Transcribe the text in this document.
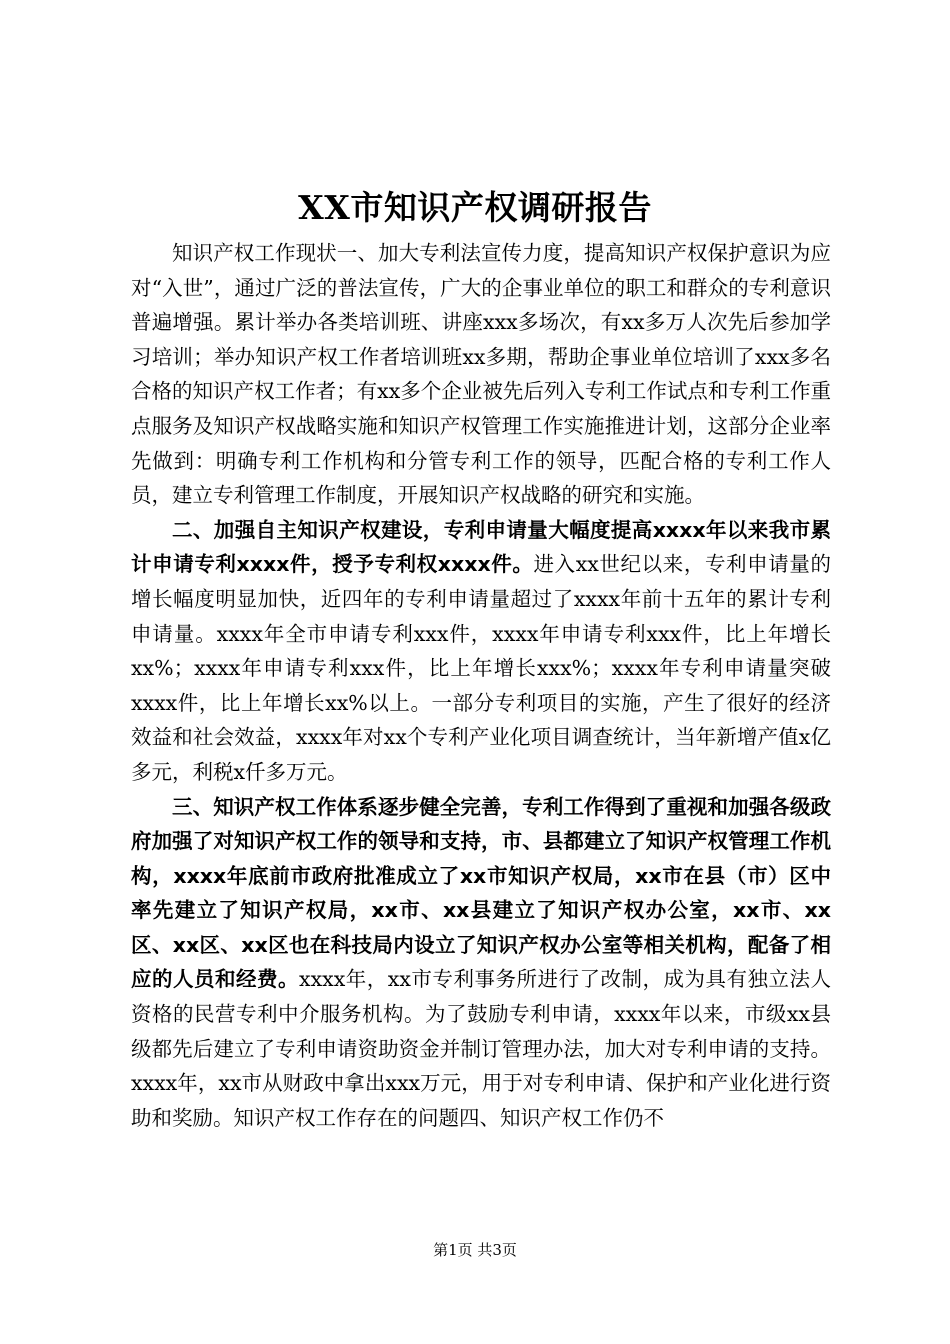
XX市知识产权调研报告

知识产权工作现状一、加大专利法宣传力度，提高知识产权保护意识为应对“入世”，通过广泛的普法宣传，广大的企事业单位的职工和群众的专利意识普遍增强。累计举办各类培训班、讲座xxx多场次，有xx多万人次先后参加学习培训；举办知识产权工作者培训班xx多期，帮助企事业单位培训了xxx多名合格的知识产权工作者；有xx多个企业被先后列入专利工作试点和专利工作重点服务及知识产权战略实施和知识产权管理工作实施推进计划，这部分企业率先做到：明确专利工作机构和分管专利工作的领导，匹配合格的专利工作人员，建立专利管理工作制度，开展知识产权战略的研究和实施。

二、加强自主知识产权建设，专利申请量大幅度提高xxxx年以来我市累计申请专利xxxx件，授予专利权xxxx件。进入xx世纪以来，专利申请量的增长幅度明显加快，近四年的专利申请量超过了xxxx年前十五年的累计专利申请量。xxxx年全市申请专利xxx件，xxxx年申请专利xxx件，比上年增长xx%；xxxx年申请专利xxx件，比上年增长xxx%；xxxx年专利申请量突破xxxx件，比上年增长xx%以上。一部分专利项目的实施，产生了很好的经济效益和社会效益，xxxx年对xx个专利产业化项目调查统计，当年新增产值x亿多元，利税x仟多万元。

三、知识产权工作体系逐步健全完善，专利工作得到了重视和加强各级政府加强了对知识产权工作的领导和支持，市、县都建立了知识产权管理工作机构，xxxx年底前市政府批准成立了xx市知识产权局，xx市在县（市）区中率先建立了知识产权局，xx市、xx县建立了知识产权办公室，xx市、xx区、xx区、xx区也在科技局内设立了知识产权办公室等相关机构，配备了相应的人员和经费。xxxx年，xx市专利事务所进行了改制，成为具有独立法人资格的民营专利中介服务机构。为了鼓励专利申请，xxxx年以来，市级xx县级都先后建立了专利申请资助资金并制订管理办法，加大对专利申请的支持。xxxx年，xx市从财政中拿出xxx万元，用于对专利申请、保护和产业化进行资助和奖励。知识产权工作存在的问题四、知识产权工作仍不

第1页 共3页
